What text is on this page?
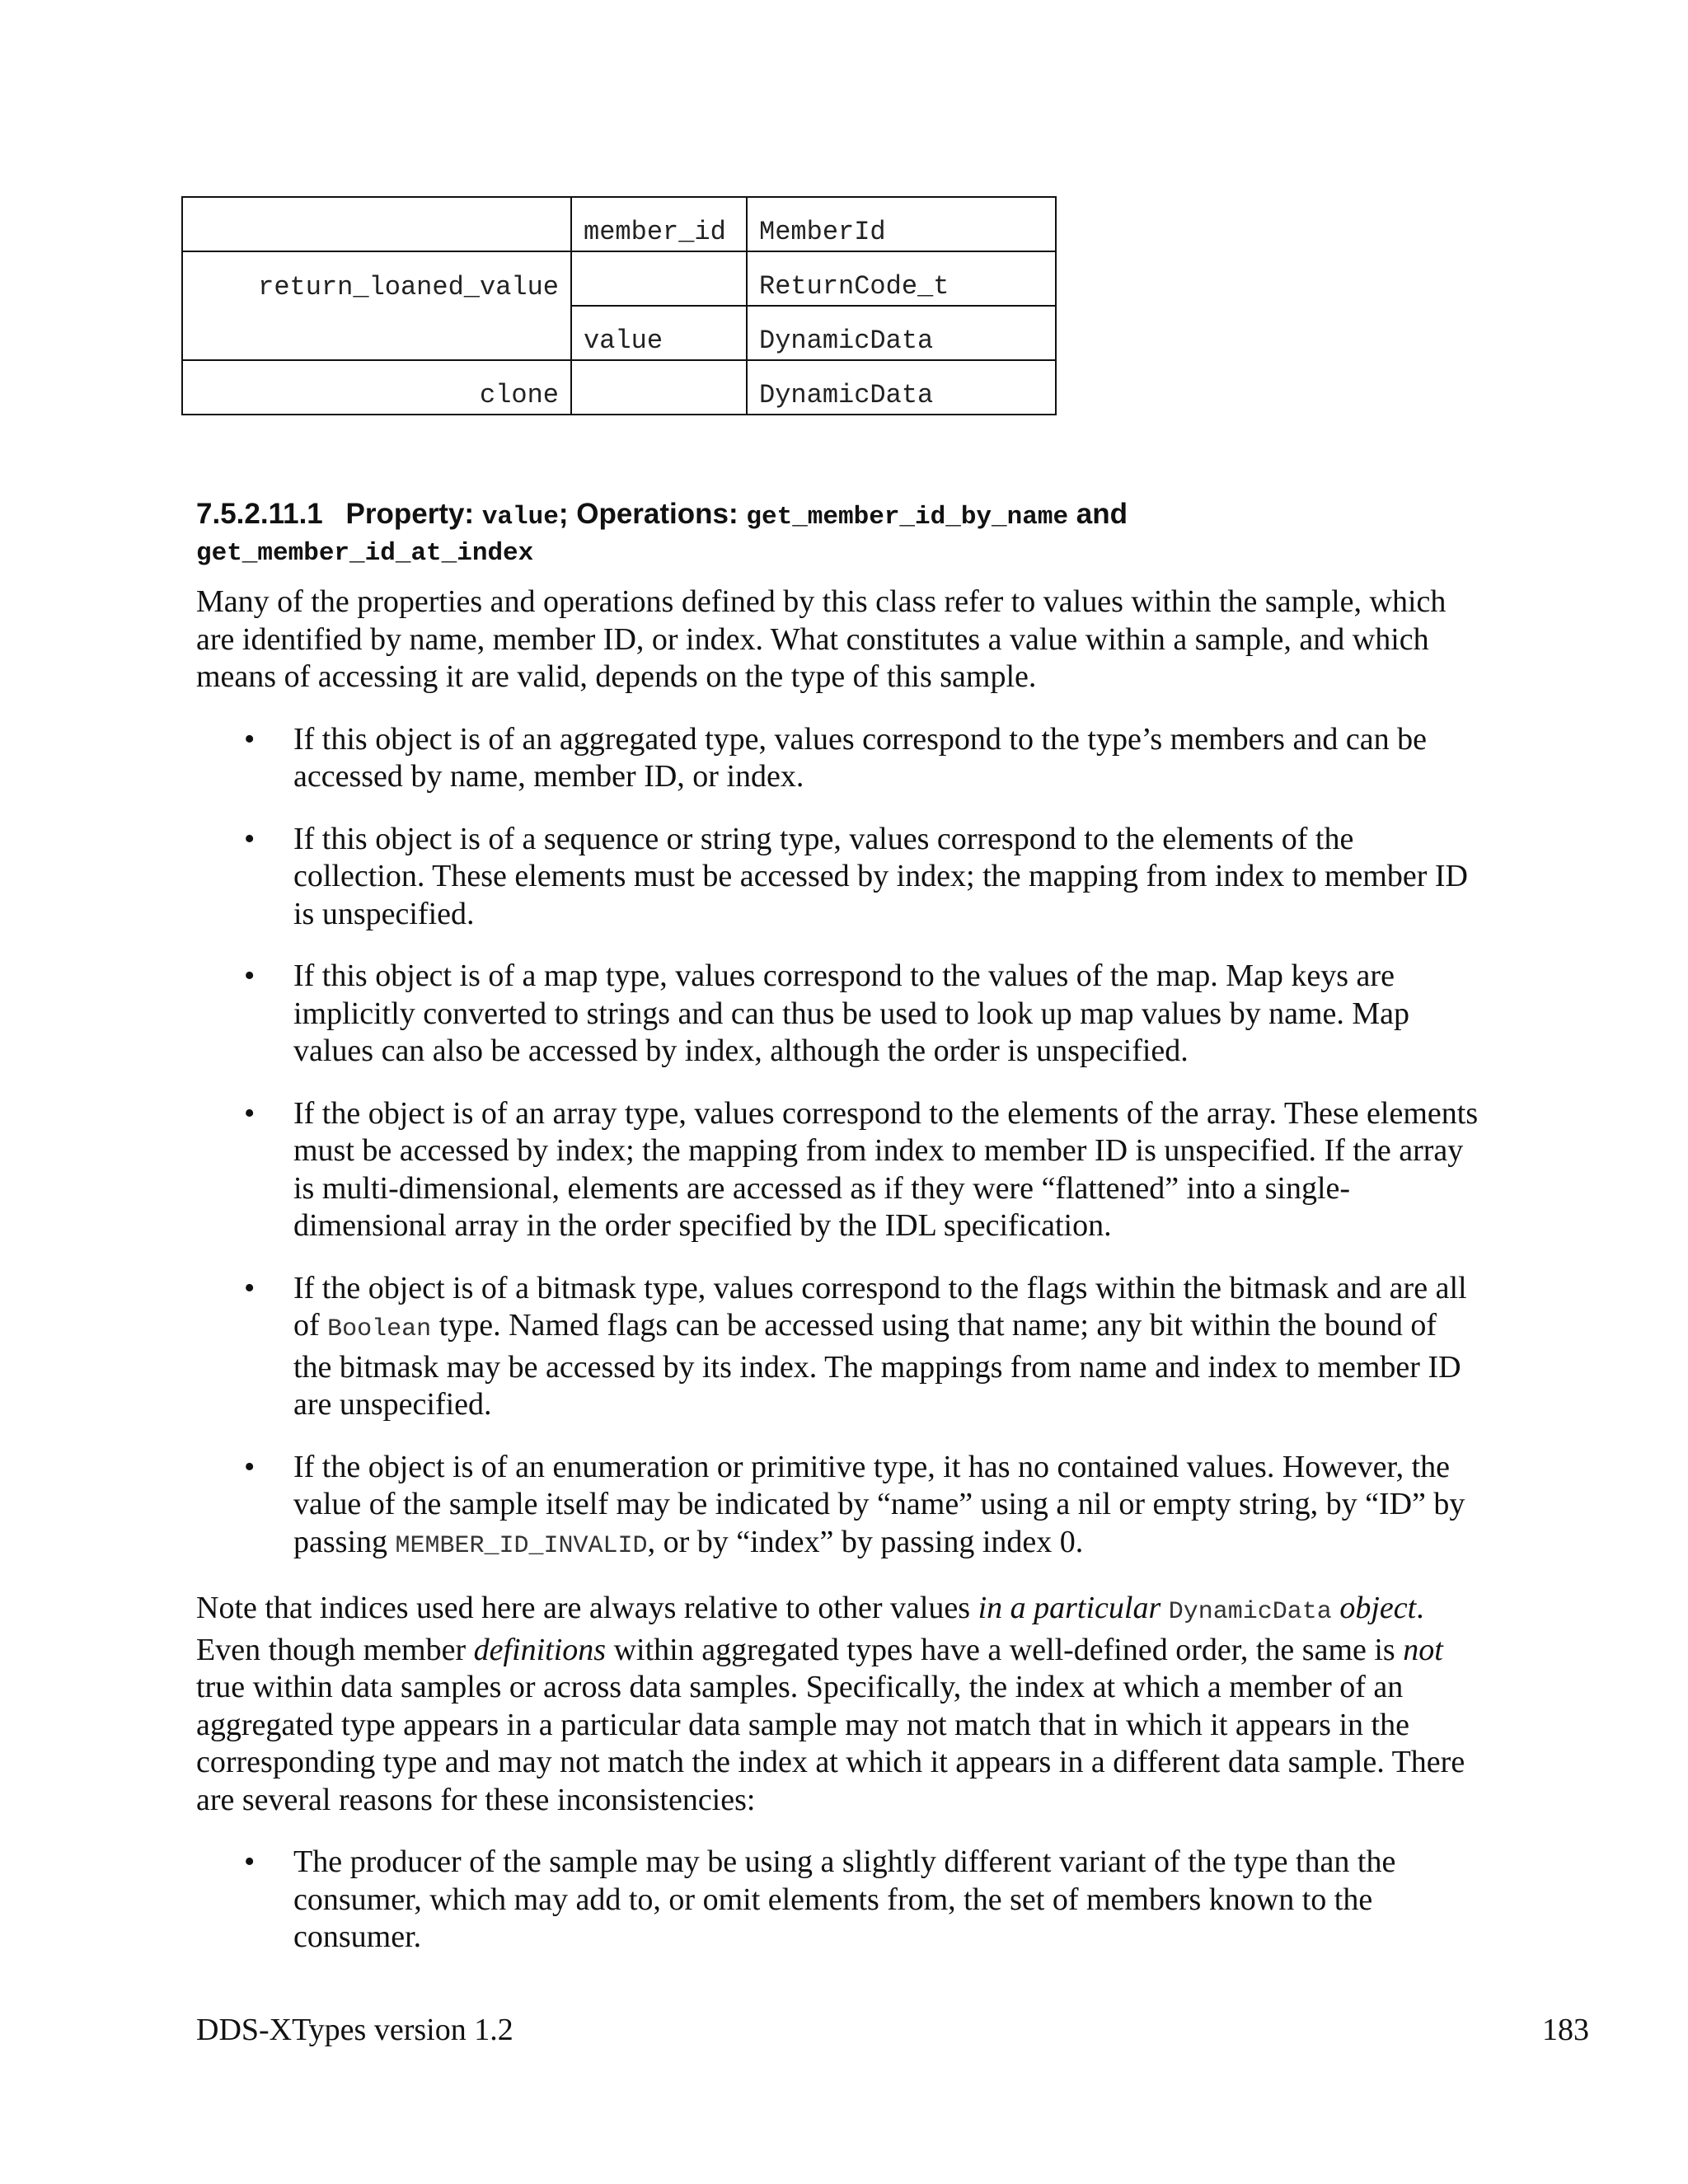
	member_id	MemberId
return_loaned_value		ReturnCode_t
	value	DynamicData
clone		DynamicData
7.5.2.11.1 Property: value; Operations: get_member_id_by_name and
get_member_id_at_index

Many of the properties and operations defined by this class refer to values within the sample, which are identified by name, member ID, or index. What constitutes a value within a sample, and which means of accessing it are valid, depends on the type of this sample.

• If this object is of an aggregated type, values correspond to the type’s members and can be accessed by name, member ID, or index.
• If this object is of a sequence or string type, values correspond to the elements of the collection. These elements must be accessed by index; the mapping from index to member ID is unspecified.
• If this object is of a map type, values correspond to the values of the map. Map keys are implicitly converted to strings and can thus be used to look up map values by name. Map values can also be accessed by index, although the order is unspecified.
• If the object is of an array type, values correspond to the elements of the array. These elements must be accessed by index; the mapping from index to member ID is unspecified. If the array is multi-dimensional, elements are accessed as if they were “flattened” into a single-dimensional array in the order specified by the IDL specification.
• If the object is of a bitmask type, values correspond to the flags within the bitmask and are all of Boolean type. Named flags can be accessed using that name; any bit within the bound of the bitmask may be accessed by its index. The mappings from name and index to member ID are unspecified.
• If the object is of an enumeration or primitive type, it has no contained values. However, the value of the sample itself may be indicated by “name” using a nil or empty string, by “ID” by passing MEMBER_ID_INVALID, or by “index” by passing index 0.

Note that indices used here are always relative to other values in a particular DynamicData object. Even though member definitions within aggregated types have a well-defined order, the same is not true within data samples or across data samples. Specifically, the index at which a member of an aggregated type appears in a particular data sample may not match that in which it appears in the corresponding type and may not match the index at which it appears in a different data sample. There are several reasons for these inconsistencies:

• The producer of the sample may be using a slightly different variant of the type than the consumer, which may add to, or omit elements from, the set of members known to the consumer.
DDS-XTypes version 1.2	183
